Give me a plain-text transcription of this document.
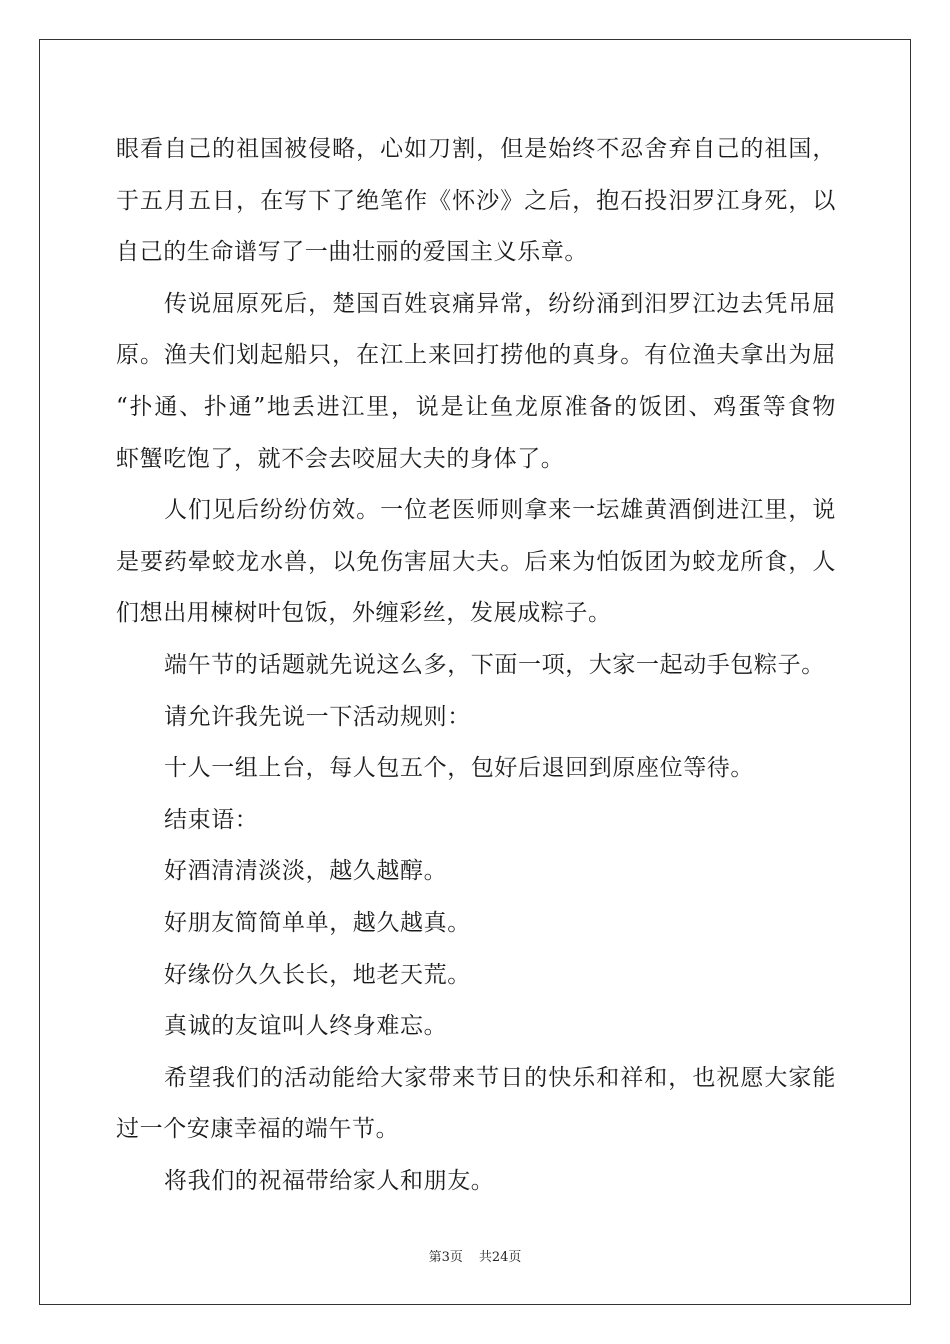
眼看自己的祖国被侵略，心如刀割，但是始终不忍舍弃自己的祖国，
于五月五日，在写下了绝笔作《怀沙》之后，抱石投汨罗江身死，以
自己的生命谱写了一曲壮丽的爱国主义乐章。
传说屈原死后，楚国百姓哀痛异常，纷纷涌到汨罗江边去凭吊屈
原。渔夫们划起船只，在江上来回打捞他的真身。有位渔夫拿出为屈
“扑通、扑通”地丢进江里，说是让鱼龙原准备的饭团、鸡蛋等食物
虾蟹吃饱了，就不会去咬屈大夫的身体了。
人们见后纷纷仿效。一位老医师则拿来一坛雄黄酒倒进江里，说
是要药晕蛟龙水兽，以免伤害屈大夫。后来为怕饭团为蛟龙所食，人
们想出用楝树叶包饭，外缠彩丝，发展成粽子。
端午节的话题就先说这么多，下面一项，大家一起动手包粽子。
请允许我先说一下活动规则：
十人一组上台，每人包五个，包好后退回到原座位等待。
结束语：
好酒清清淡淡，越久越醇。
好朋友简简单单，越久越真。
好缘份久久长长，地老天荒。
真诚的友谊叫人终身难忘。
希望我们的活动能给大家带来节日的快乐和祥和，也祝愿大家能
过一个安康幸福的端午节。
将我们的祝福带给家人和朋友。
第3页 共24页
